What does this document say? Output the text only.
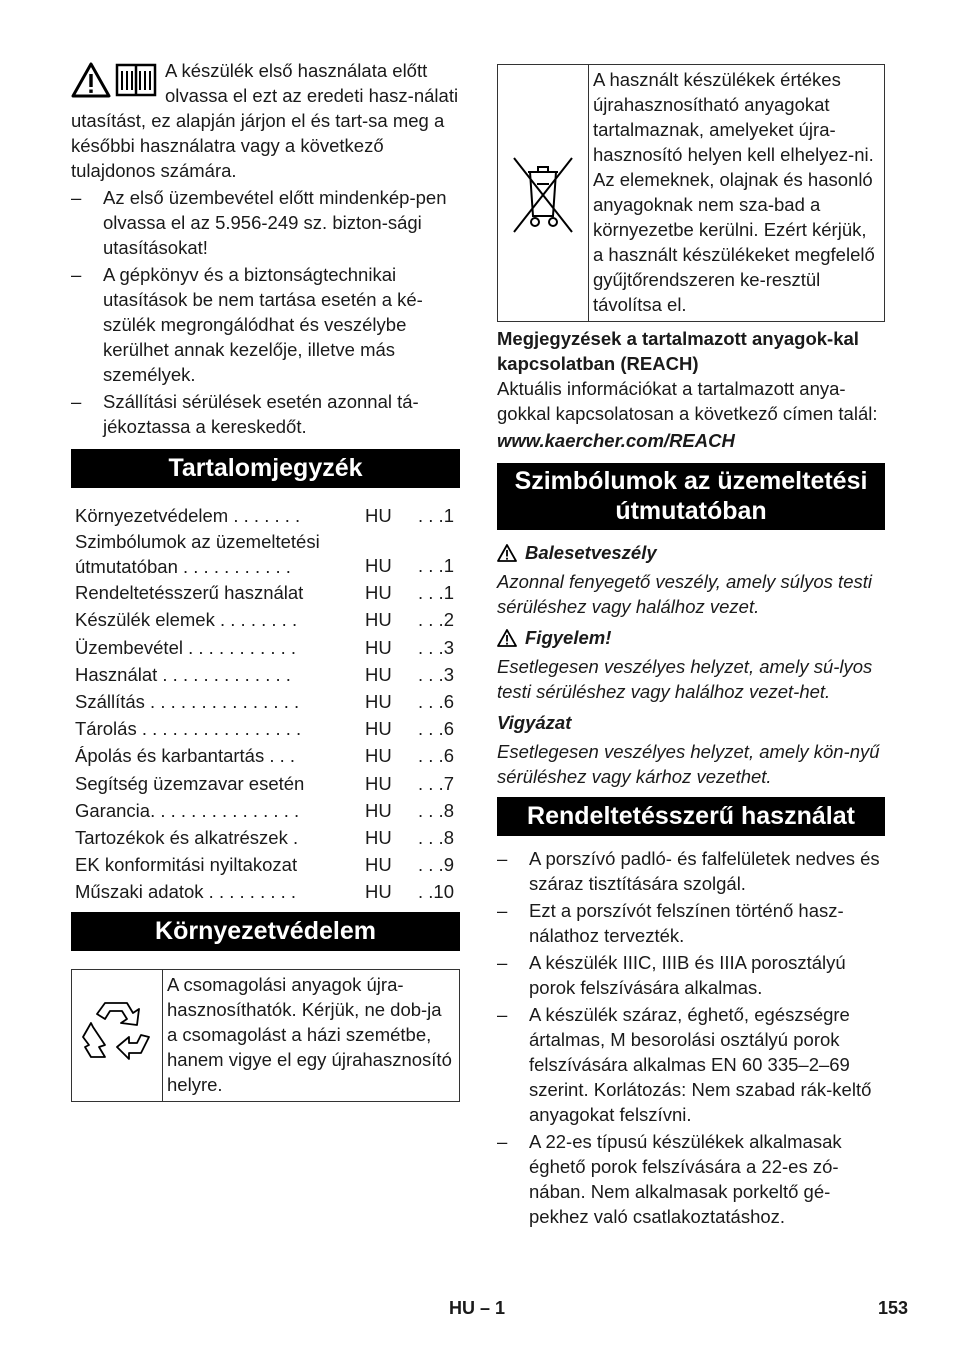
A készülék első használata előtt olvassa el ezt az eredeti hasz-nálati utasítást, ez alapján járjon el és tart-sa meg a későbbi használatra vagy a következő tulajdonos számára.

– Az első üzembevétel előtt mindenkép-pen olvassa el az 5.956-249 sz. bizton-sági utasításokat!
– A gépkönyv és a biztonságtechnikai utasítások be nem tartása esetén a ké-szülék megrongálódhat és veszélybe kerülhet annak kezelője, illetve más személyek.
– Szállítási sérülések esetén azonnal tá-jékoztassa a kereskedőt.
Tartalomjegyzék
Környezetvédelem . . . . . . .	HU	. . .1
Szimbólumok az üzemeltetési útmutatóban . . . . . . . . . . .	HU	. . .1
Rendeltetésszerű használat	HU	. . .1
Készülék elemek . . . . . . . .	HU	. . .2
Üzembevétel . . . . . . . . . . .	HU	. . .3
Használat . . . . . . . . . . . . .	HU	. . .3
Szállítás . . . . . . . . . . . . . . .	HU	. . .6
Tárolás . . . . . . . . . . . . . . . .	HU	. . .6
Ápolás és karbantartás . . .	HU	. . .6
Segítség üzemzavar esetén	HU	. . .7
Garancia. . . . . . . . . . . . . . .	HU	. . .8
Tartozékok és alkatrészek .	HU	. . .8
EK konformitási nyiltakozat	HU	. . .9
Műszaki adatok . . . . . . . . .	HU	. .10
Környezetvédelem
A csomagolási anyagok újra-hasznosíthatók. Kérjük, ne dob-ja a csomagolást a házi szemétbe, hanem vigye el egy újrahasznosító helyre.
A használt készülékek értékes újrahasznosítható anyagokat tartalmaznak, amelyeket újra-hasznosító helyen kell elhelyez-ni. Az elemeknek, olajnak és hasonló anyagoknak nem sza-bad a környezetbe kerülni. Ezért kérjük, a használt készülékeket megfelelő gyűjtőrendszeren ke-resztül távolítsa el.

Megjegyzések a tartalmazott anyagok-kal kapcsolatban (REACH)

Aktuális információkat a tartalmazott anya-gokkal kapcsolatosan a következő címen talál:

www.kaercher.com/REACH

Szimbólumok az üzemeltetési
útmutatóban
Balesetveszély

Azonnal fenyegető veszély, amely súlyos testi sérüléshez vagy halálhoz vezet.

Figyelem!

Esetlegesen veszélyes helyzet, amely sú-lyos testi sérüléshez vagy halálhoz vezet-het.

Vigyázat

Esetlegesen veszélyes helyzet, amely kön-nyű sérüléshez vagy kárhoz vezethet.

Rendeltetésszerű használat
– A porszívó padló- és falfelületek nedves és száraz tisztítására szolgál.
– Ezt a porszívót felszínen történő hasz-nálathoz tervezték.
– A készülék IIIC, IIIB és IIIA porosztályú porok felszívására alkalmas.
– A készülék száraz, éghető, egészségre ártalmas, M besorolási osztályú porok felszívására alkalmas EN 60 335–2–69 szerint. Korlátozás: Nem szabad rák-keltő anyagokat felszívni.
– A 22-es típusú készülékek alkalmasak éghető porok felszívására a 22-es zó-nában. Nem alkalmasak porkeltő gé-pekhez való csatlakoztatáshoz.
HU – 1	153
